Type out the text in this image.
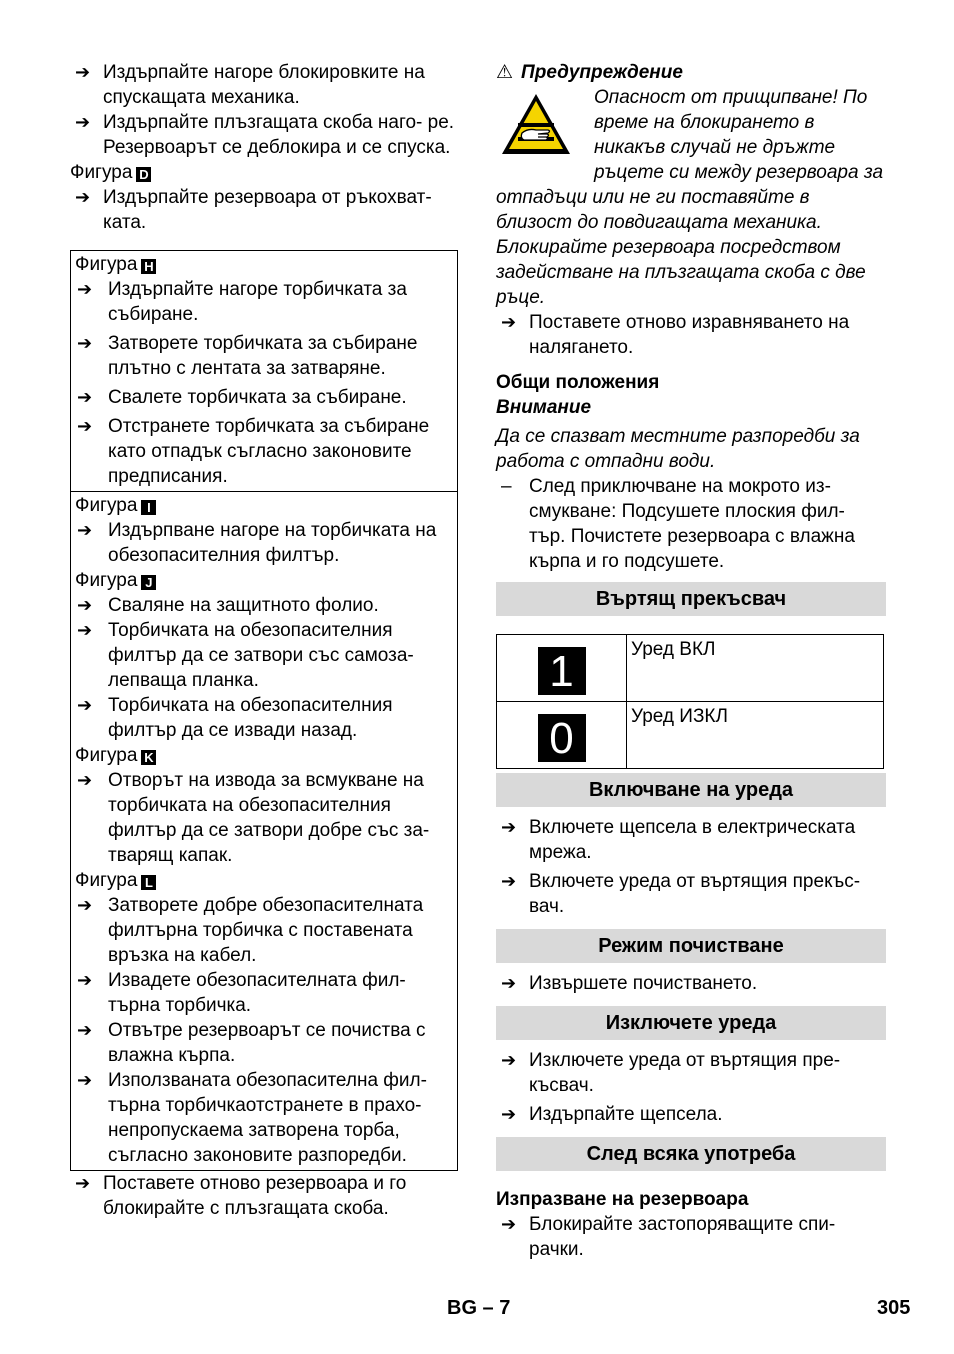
➔ Издърпайте нагоре блокировките на спускащата механика.
➔ Издърпайте плъзгащата скоба наго- ре. Резервоарът се деблокира и се спуска.
Фигура D
➔ Издърпайте резервоара от ръкохват- ката.
Фигура H
➔ Издърпайте нагоре торбичката за събиране.
➔ Затворете торбичката за събиране плътно с лентата за затваряне.
➔ Свалете торбичката за събиране.
➔ Отстранете торбичката за събиране като отпадък съгласно законовите предписания.
Фигура I
➔ Издърпване нагоре на торбичката на обезопасителния филтър.
Фигура J
➔ Сваляне на защитното фолио.
➔ Торбичката на обезопасителния филтър да се затвори със самоза- лепваща планка.
➔ Торбичката на обезопасителния филтър да се извади назад.
Фигура K
➔ Отворът на извода за всмукване на торбичката на обезопасителния филтър да се затвори добре със за- тварящ капак.
Фигура L
➔ Затворете добре обезопасителната филтърна торбичка с поставената връзка на кабел.
➔ Извадете обезопасителната фил- търна торбичка.
➔ Отвътре резервоарът се почиства с влажна кърпа.
➔ Използваната обезопасителна фил- търна торбичкаотстранете в прахо- непропускаема затворена торба, съгласно законовите разпоредби.
➔ Поставете отново резервоара и го блокирайте с плъзгащата скоба.
⚠ Предупреждение
Опасност от прищипване! По време на блокирането в никакъв случай не дръжте ръцете си между резервоара за отпадъци или не ги поставяйте в близост до повдигащата механика. Блокирайте резервоара посредством задействане на плъзгащата скоба с две ръце.
➔ Поставете отново изравняването на налягането.
Общи положения
Внимание
Да се спазват местните разпоредби за работа с отпадни води.
– След приключване на мокрото из- смукване: Подсушете плоския фил- тър. Почистете резервоара с влажна кърпа и го подсушете.
Въртящ прекъсвач
1	Уред ВКЛ
0	Уред ИЗКЛ
Включване на уреда
➔ Включете щепсела в електрическата мрежа.
➔ Включете уреда от въртящия прекъс- вач.
Режим почистване
➔ Извършете почистването.
Изключете уреда
➔ Изключете уреда от въртящия пре- късвач.
➔ Издърпайте щепсела.
След всяка употреба
Изпразване на резервоара
➔ Блокирайте застопоряващите спи- рачки.
BG – 7	305
